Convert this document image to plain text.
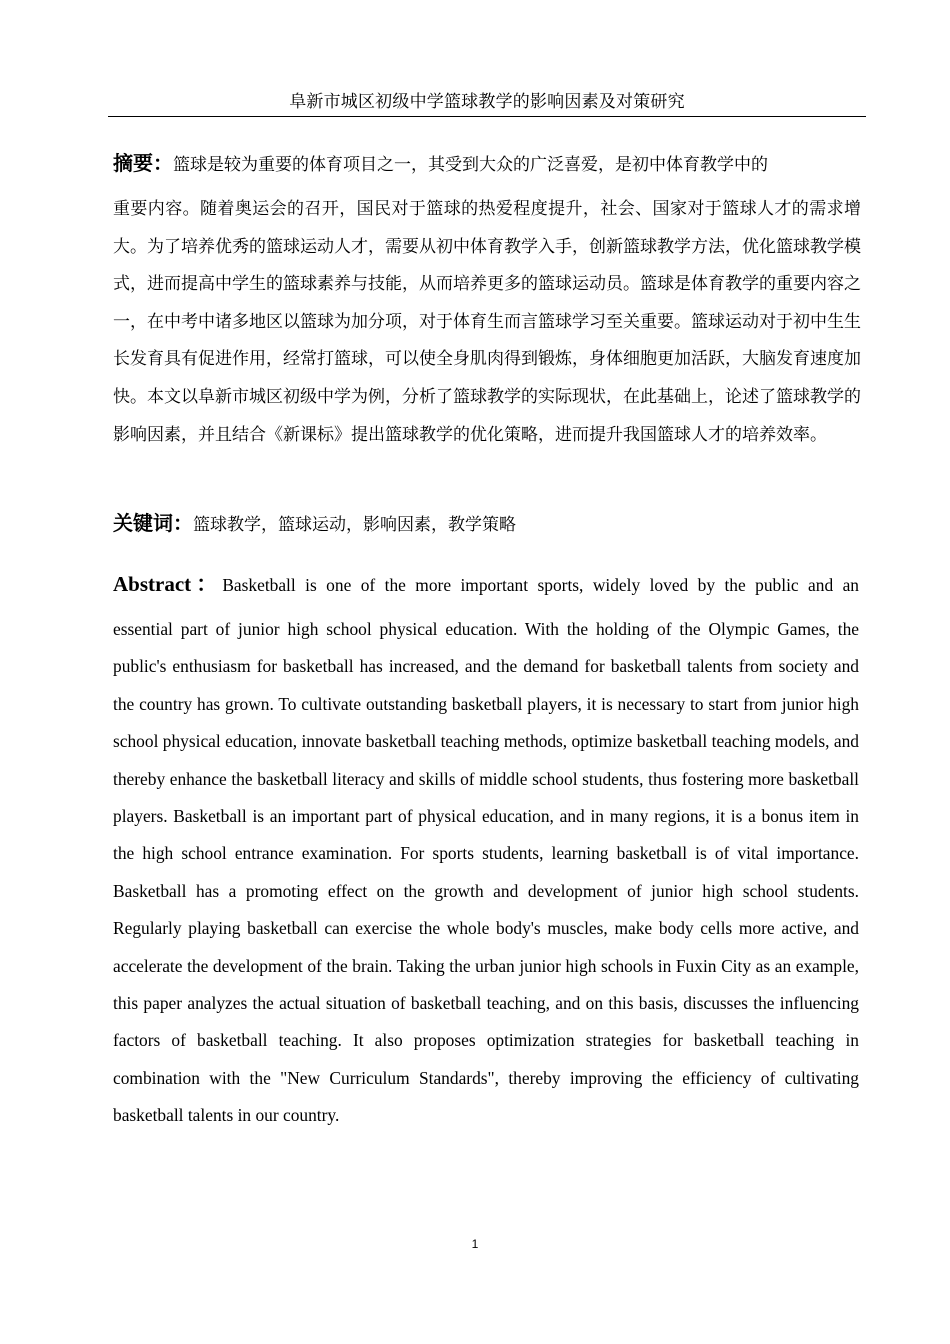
阜新市城区初级中学篮球教学的影响因素及对策研究

摘要：篮球是较为重要的体育项目之一，其受到大众的广泛喜爱，是初中体育教学中的

重要内容。随着奥运会的召开，国民对于篮球的热爱程度提升，社会、国家对于篮球人才的需求增大。为了培养优秀的篮球运动人才，需要从初中体育教学入手，创新篮球教学方法，优化篮球教学模式，进而提高中学生的篮球素养与技能，从而培养更多的篮球运动员。篮球是体育教学的重要内容之一，在中考中诸多地区以篮球为加分项，对于体育生而言篮球学习至关重要。篮球运动对于初中生生长发育具有促进作用，经常打篮球，可以使全身肌肉得到锻炼，身体细胞更加活跃，大脑发育速度加快。本文以阜新市城区初级中学为例，分析了篮球教学的实际现状，在此基础上，论述了篮球教学的影响因素，并且结合《新课标》提出篮球教学的优化策略，进而提升我国篮球人才的培养效率。

关键词：篮球教学，篮球运动，影响因素，教学策略

Abstract：Basketball is one of the more important sports, widely loved by the public and an

essential part of junior high school physical education. With the holding of the Olympic Games, the public's enthusiasm for basketball has increased, and the demand for basketball talents from society and the country has grown. To cultivate outstanding basketball players, it is necessary to start from junior high school physical education, innovate basketball teaching methods, optimize basketball teaching models, and thereby enhance the basketball literacy and skills of middle school students, thus fostering more basketball players. Basketball is an important part of physical education, and in many regions, it is a bonus item in the high school entrance examination. For sports students, learning basketball is of vital importance. Basketball has a promoting effect on the growth and development of junior high school students. Regularly playing basketball can exercise the whole body's muscles, make body cells more active, and accelerate the development of the brain. Taking the urban junior high schools in Fuxin City as an example, this paper analyzes the actual situation of basketball teaching, and on this basis, discusses the influencing factors of basketball teaching. It also proposes optimization strategies for basketball teaching in combination with the "New Curriculum Standards", thereby improving the efficiency of cultivating basketball talents in our country.

1
